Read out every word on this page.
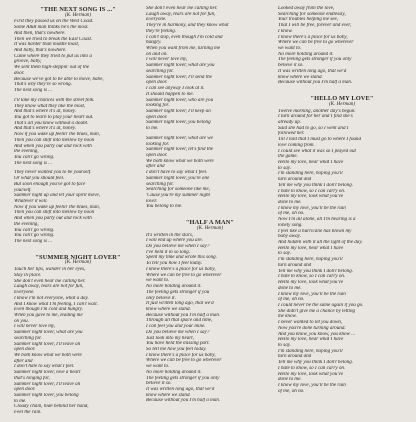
"THE NEXT SONG IS ..."
(K. Herman)
First they passed us on the West Coast.
Some A&R man thinks he's the most.
And then, that's nowhere.
Then we tried to break the East Coast.
It was harder than middle toast,
And baby, that's nowhere.
Came where they tried to put us into a
groove, baby,
We sent them high-steppin' out of the
door.
Because we've got to be able to move, babe,
That's why they're so wrong.
The next song is ...
I'll take my chances with the street folk.
They know what they like the most,
And that's where it's at, honey.
You got to learn to play your heart out.
That's all you know without a doubt.
And that's where it's at, honey.
Now if you wake up feelin' the blues, man,
Then you can shift into mellow by noon
And when you party out and rock with
the evening,
You can't go wrong.
The next song is ...
They never wanted you to be yourself.
Or what you should feel.
But soon enough you've got to face
yourself.
Summer night up and let your spirit move,
Whatever it will.
Now if you wake up feelin' the blues, man,
Then you can shift into mellow by noon
And when you party out and rock with
the evening,
You can't go wrong.
You can't go wrong.
The next song is ...
"SUMMER NIGHT LOVER"
(K. Herman)
Touch her lips, wander in her eyes,
Stay in place.
She don't even hear me calling her.
Laugh away, tears are not for fun,
Everyone.
I know I'm not everyone, what a day.
And I know what I'm feeling, I can't wait.
Even though I'm cold and hungry.
When you gave to me, leading me
on you.
I will never love my,
Summer night lover, what are you
searching for.
Summer night lover, I'll leave an
open door.
We both know what we both were
after and
I don't hate to say what I feel.
Summer night lover, love a heart
that's longing for,
Summer night lover, I'll leave an
open door.
Summer night lover, you belong
to me.
Cloudy chain, hide behind her hand,
Feel the rain.
She don't even hear me calling her.
Laugh away, tears are not for fun,
Everyone.
They're in harmony, and they know what
they're feeling.
I can't stop, even though I'm cold and
hungry.
When you want from me, turning me
on and on.
I will never love my,
Summer night lover, what are you
searching for.
Summer night lover, I'll send the
open door.
I can see anyway I look at it.
It should happen to me.
Summer night lover, who are you
looking for.
Summer night lover, I'll keep an
open door.
Summer night lover, you belong
to me.
Summer night lover, what are we
looking for.
Summer night lover, let's find the
open door.
We both know what we both were
after and
I don't have to say what I feel.
Summer night lover, you're one
searching for.
Searching for someone like me,
'Cause you're my summer night
lover.
You belong to me.
"HALF A MAN"
(K. Herman)
It's written in the stars,
I will end up where you are.
Do you believe me when I say?
I've held it in so long.
Spent my time and wrote this song.
To tell you how I feel today.
I know there's a place for us baby,
Where we can be free to go wherever
we want to.
No more holding around it.
The feeling gets stronger if you
only believe it.
It just written long ago, that we'd
know where we stand.
Because without you I'm half a man.
Through all that space and time,
I can feel you and your mine.
Do you believe me when I say?
Just look into my heart,
You have held the missing part.
So tell me how you feel today.
I know there's a place for us baby,
Where we can be free to go wherever
we want to.
No more holding around it.
The feeling gets stronger if you only
believe it so.
It was written long ago, that we'd
know where we stand.
Because without you I'm half a man.
Looked away from the love,
Searching for someone endlessly,
Your troubles helping me see,
That I will be free, forever and ever,
I know.
I know there's a place for us baby,
Where we can be free to go wherever
we want to.
No more holding around it.
The feeling gets stronger if you only
believe it so.
It was written long ago, that we'd
know where we stand.
Because without you I'm half a man.
"HELLO MY LOVE"
(K. Herman)
Twelve morning, another day's begun.
I turn around for her and I find she's
already up.
Said she had to go, so I went and I
followed her.
Till I told that I must go to where I found
love coming from.
I could see what it was so I played out
the game.
Hello my love, hear what I have
to say.
I'm standing here, hoping you'll
turn around and
Tell me why you think I don't belong.
I hate to know, so I can carry on.
Hello my love, look what you've
done to me.
I know my love, you'll be the ruin
of me, oh no.
Now I'm all alone, all I'm hearing is a
lonely song.
I feel like a hurricane has blown my
baby away.
And hidden with it all the light of the day.
Hello my love, hear what I have
to say.
I'm standing here, hoping you'll
turn around and
Tell me why you think I don't belong.
I hate to know, so I can carry on.
Hello my love, look what you've
done to me.
I know my love, you'll be the ruin
of me, oh no.
I could never be the same again if you go.
She didn't give me a chance by letting
me know.
I never wanted to let you down,
Now you're done turning around.
And you know, you know, you know ...
Hello my love, hear what I have
to say.
I'm standing here, hoping you'll
turn around and
Tell me why you think I don't belong.
I hate to know, so I can carry on.
Hello my love, look what you've
done to me.
I know my love, you'll be the ruin
of me, oh no.
